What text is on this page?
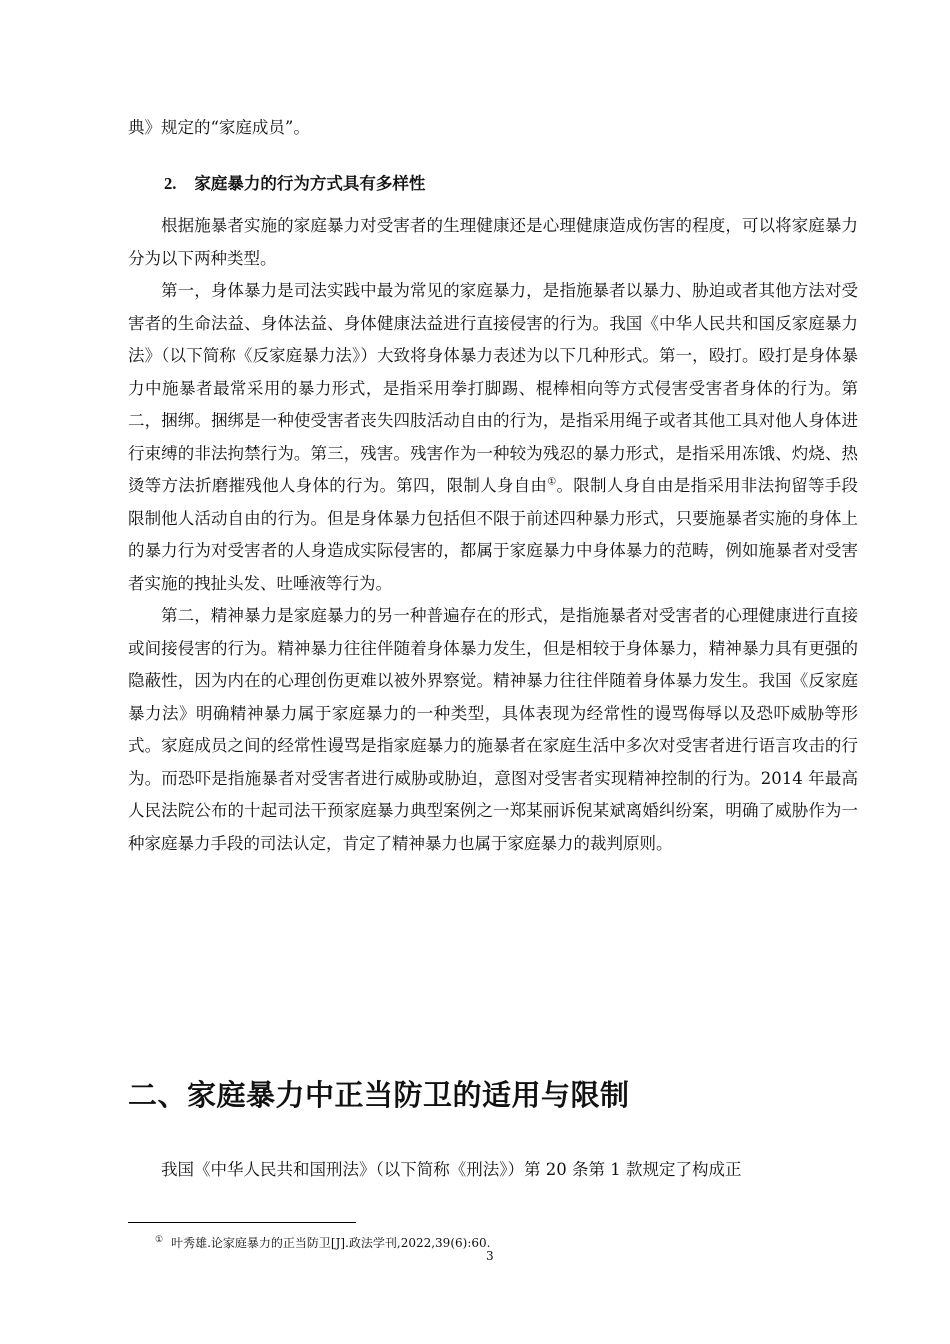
典》规定的“家庭成员”。

2. 家庭暴力的行为方式具有多样性

根据施暴者实施的家庭暴力对受害者的生理健康还是心理健康造成伤害的程度，可以将家庭暴力分为以下两种类型。

第一，身体暴力是司法实践中最为常见的家庭暴力，是指施暴者以暴力、胁迫或者其他方法对受害者的生命法益、身体法益、身体健康法益进行直接侵害的行为。我国《中华人民共和国反家庭暴力法》（以下简称《反家庭暴力法》）大致将身体暴力表述为以下几种形式。第一，殴打。殴打是身体暴力中施暴者最常采用的暴力形式，是指采用拳打脚踢、棍棒相向等方式侵害受害者身体的行为。第二，捆绑。捆绑是一种使受害者丧失四肢活动自由的行为，是指采用绳子或者其他工具对他人身体进行束缚的非法拘禁行为。第三，残害。残害作为一种较为残忍的暴力形式，是指采用冻饿、灼烧、热烫等方法折磨摧残他人身体的行为。第四，限制人身自由①。限制人身自由是指采用非法拘留等手段限制他人活动自由的行为。但是身体暴力包括但不限于前述四种暴力形式，只要施暴者实施的身体上的暴力行为对受害者的人身造成实际侵害的，都属于家庭暴力中身体暴力的范畴，例如施暴者对受害者实施的拽扯头发、吐唾液等行为。

第二，精神暴力是家庭暴力的另一种普遍存在的形式，是指施暴者对受害者的心理健康进行直接或间接侵害的行为。精神暴力往往伴随着身体暴力发生，但是相较于身体暴力，精神暴力具有更强的隐蔽性，因为内在的心理创伤更难以被外界察觉。精神暴力往往伴随着身体暴力发生。我国《反家庭暴力法》明确精神暴力属于家庭暴力的一种类型，具体表现为经常性的谩骂侮辱以及恐吓威胁等形式。家庭成员之间的经常性谩骂是指家庭暴力的施暴者在家庭生活中多次对受害者进行语言攻击的行为。而恐吓是指施暴者对受害者进行威胁或胁迫，意图对受害者实现精神控制的行为。2014 年最高人民法院公布的十起司法干预家庭暴力典型案例之一郑某丽诉倪某斌离婚纠纷案，明确了威胁作为一种家庭暴力手段的司法认定，肯定了精神暴力也属于家庭暴力的裁判原则。

二、家庭暴力中正当防卫的适用与限制

我国《中华人民共和国刑法》（以下简称《刑法》）第 20 条第 1 款规定了构成正

① 叶秀雄.论家庭暴力的正当防卫[J].政法学刊,2022,39(6):60.
3
